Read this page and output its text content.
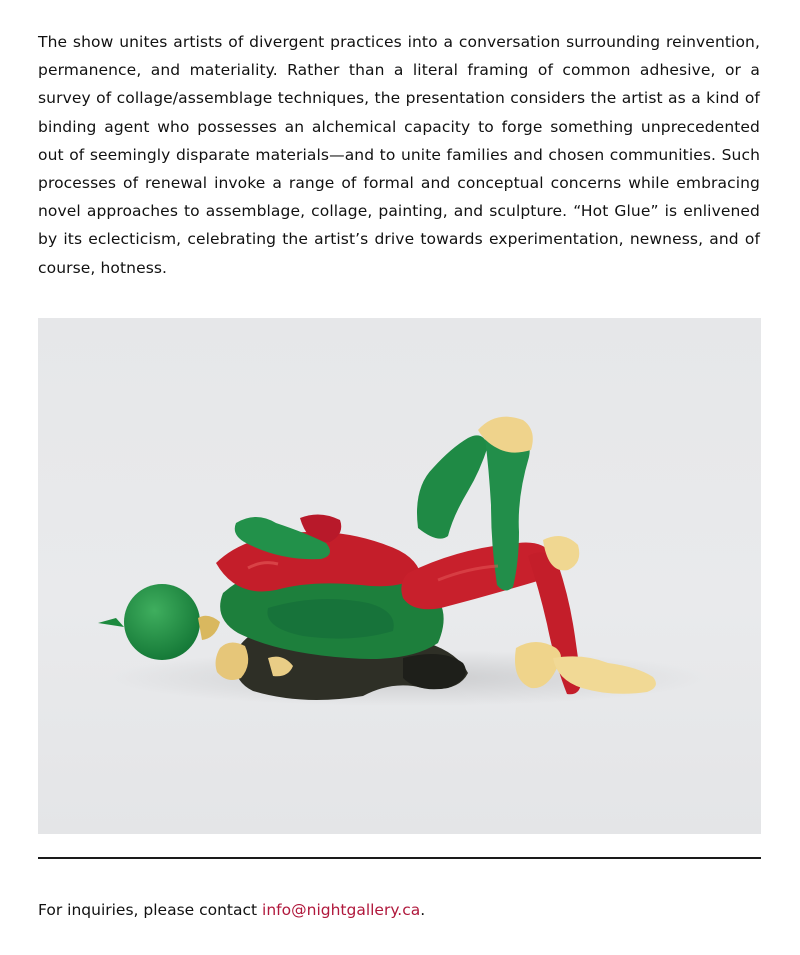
The show unites artists of divergent practices into a conversation surrounding reinvention, permanence, and materiality. Rather than a literal framing of common adhesive, or a survey of collage/assemblage techniques, the presentation considers the artist as a kind of binding agent who possesses an alchemical capacity to forge something unprecedented out of seemingly disparate materials—and to unite families and chosen communities. Such processes of renewal invoke a range of formal and conceptual concerns while embracing novel approaches to assemblage, collage, painting, and sculpture. “Hot Glue” is enlivened by its eclecticism, celebrating the artist’s drive towards experimentation, newness, and of course, hotness.

For inquiries, please contact info@nightgallery.ca.
